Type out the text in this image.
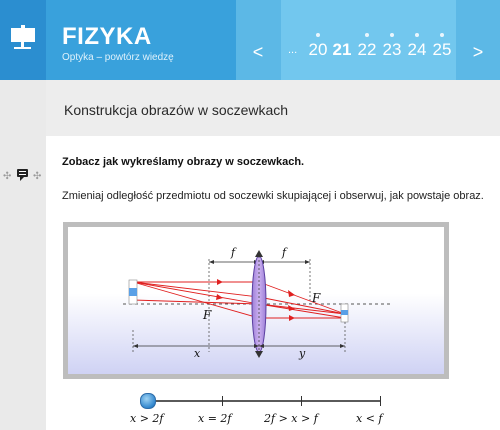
FIZYKA
Optyka – powtórz wiedzę	< ... 20 21 22 23 24 25 >
✣ ✣
Konstrukcja obrazów w soczewkach
Zobacz jak wykreślamy obrazy w soczewkach.
Zmieniaj odległość przedmiotu od soczewki skupiającej i obserwuj, jak powstaje obraz.
f	f
F
F
x	y
x > 2f	x = 2f	2f > x > f	x < f
